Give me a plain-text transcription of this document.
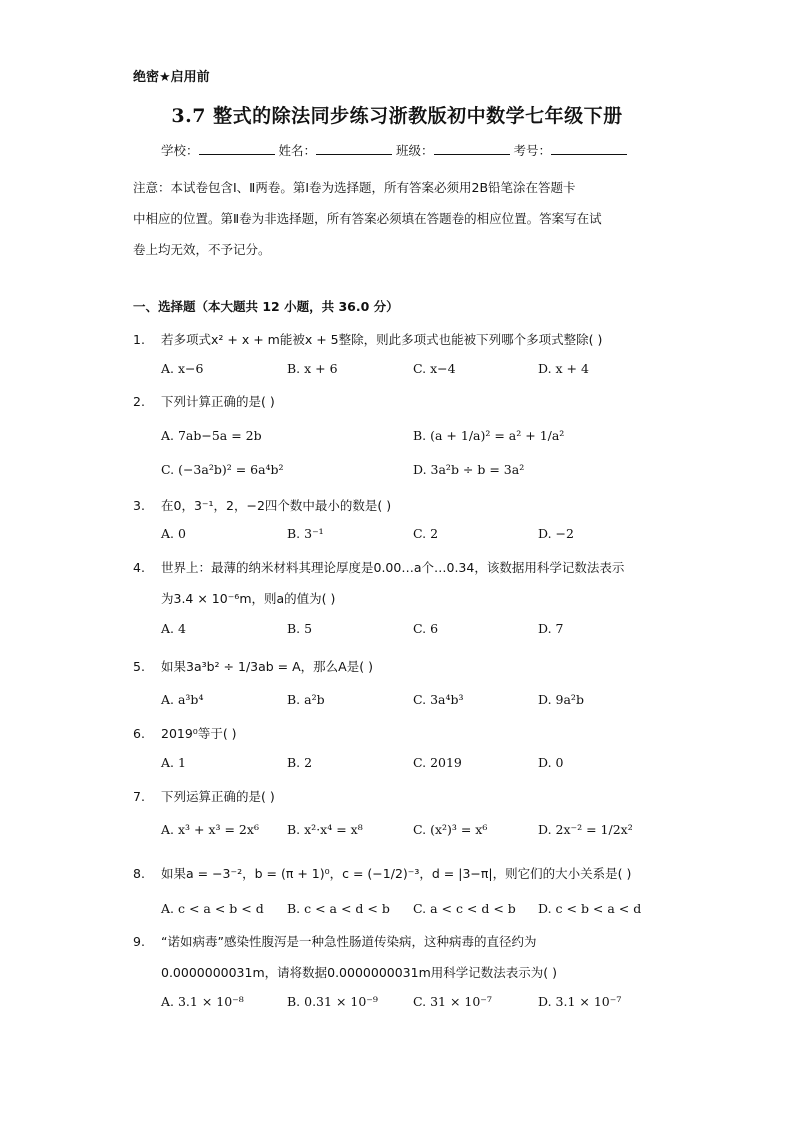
绝密★启用前
3.7 整式的除法同步练习浙教版初中数学七年级下册
学校：	姓名：	班级：	考号：
注意：本试卷包含Ⅰ、Ⅱ两卷。第Ⅰ卷为选择题，所有答案必须用2B铅笔涂在答题卡
中相应的位置。第Ⅱ卷为非选择题，所有答案必须填在答题卷的相应位置。答案写在试
卷上均无效，不予记分。
一、选择题（本大题共 12 小题，共 36.0 分）
1. 若多项式x² + x + m能被x + 5整除，则此多项式也能被下列哪个多项式整除( )
A. x−6	B. x + 6	C. x−4	D. x + 4
2. 下列计算正确的是( )
A. 7ab−5a = 2b	B. (a + 1/a)² = a² + 1/a²
C. (−3a²b)² = 6a⁴b²	D. 3a²b ÷ b = 3a²
3. 在0，3⁻¹，2，−2四个数中最小的数是( )
A. 0	B. 3⁻¹	C. 2	D. −2
4. 世界上：最薄的纳米材料其理论厚度是0.00…a个…0.34，该数据用科学记数法表示
为3.4 × 10⁻⁶m，则a的值为( )
A. 4	B. 5	C. 6	D. 7
5. 如果3a³b² ÷ 1/3ab = A，那么A是( )
A. a³b⁴	B. a²b	C. 3a⁴b³	D. 9a²b
6. 2019⁰等于( )
A. 1	B. 2	C. 2019	D. 0
7. 下列运算正确的是( )
A. x³ + x³ = 2x⁶ B. x²·x⁴ = x⁸	C. (x²)³ = x⁶	D. 2x⁻² = 1/2x²
8. 如果a = −3⁻²，b = (π + 1)⁰，c = (−1/2)⁻³，d = |3−π|，则它们的大小关系是( )
A. c < a < b < d B. c < a < d < b C. a < c < d < b D. c < b < a < d
9. “诺如病毒”感染性腹泻是一种急性肠道传染病，这种病毒的直径约为
0.0000000031m，请将数据0.0000000031m用科学记数法表示为( )
A. 3.1 × 10⁻⁸	B. 0.31 × 10⁻⁹	C. 31 × 10⁻⁷	D. 3.1 × 10⁻⁷
